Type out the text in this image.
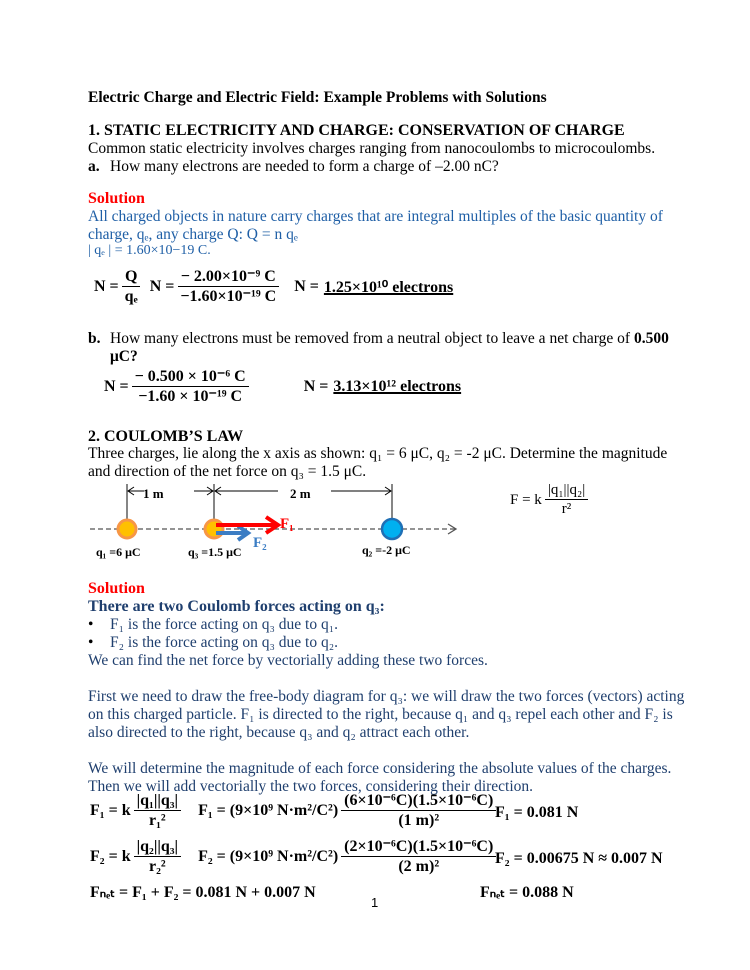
Electric Charge and Electric Field: Example Problems with Solutions
1. STATIC ELECTRICITY AND CHARGE: CONSERVATION OF CHARGE
Common static electricity involves charges ranging from nanocoulombs to microcoulombs.
a. How many electrons are needed to form a charge of –2.00 nC?
Solution
All charged objects in nature carry charges that are integral multiples of the basic quantity of
charge, qₑ, any charge Q: Q = n qₑ
| qₑ | = 1.60×10−19 C.
$N = \frac{Q}{\text{qₑ}}$ $N = \frac{\text{− 2.00×10⁻⁹ C}}{\text{−1.60×10⁻¹⁹ C}}$ N = 1.25×10¹⁰ electrons
b. How many electrons must be removed from a neutral object to leave a net charge of 0.500
μC?
$N = \frac{\text{− 0.500 × 10⁻⁶ C}}{\text{−1.60 × 10⁻¹⁹ C}}$	N = 3.13×10¹² electrons
2. COULOMB’S LAW
Three charges, lie along the x axis as shown: q₁ = 6 μC, q₂ = -2 μC. Determine the magnitude
and direction of the net force on q₃ = 1.5 μC.
1 m	2 m
F₁
F₂
q₁ =6 μC	q₃ =1.5 μC	q₂ =-2 μC
F = k $\frac{\text{|q₁||q₂|}}{\text{r²}}$
Solution
There are two Coulomb forces acting on q₃:
• F₁ is the force acting on q₃ due to q₁.
• F₂ is the force acting on q₃ due to q₂.
We can find the net force by vectorially adding these two forces.
First we need to draw the free-body diagram for q₃: we will draw the two forces (vectors) acting
on this charged particle. F₁ is directed to the right, because q₁ and q₃ repel each other and F₂ is
also directed to the right, because q₃ and q₂ attract each other.
We will determine the magnitude of each force considering the absolute values of the charges.
Then we will add vectorially the two forces, considering their direction.
F₁ = k $\frac{\text{|q₁||q₃|}}{\text{r₁²}} F_1 = (9\times 10^9$ $N\cdot m^2/C^2) \frac{\text{(6×10⁻⁶C)(1.5×10⁻⁶C)}}{\text{(1 m)²}}$
F₁ = 0.081 N
F₂ = k $\frac{\text{|q₂||q₃|}}{\text{r₂²}} F_2 = (9\times 10^9$ $N\cdot m^2/C^2) \frac{\text{(2×10⁻⁶C)(1.5×10⁻⁶C)}}{\text{(2 m)²}}$
F₂ = 0.00675 N ≈ 0.007 N
Fₙₑₜ = F₁ + F₂ = 0.081 N + 0.007 N	Fₙₑₜ = 0.088 N
1
